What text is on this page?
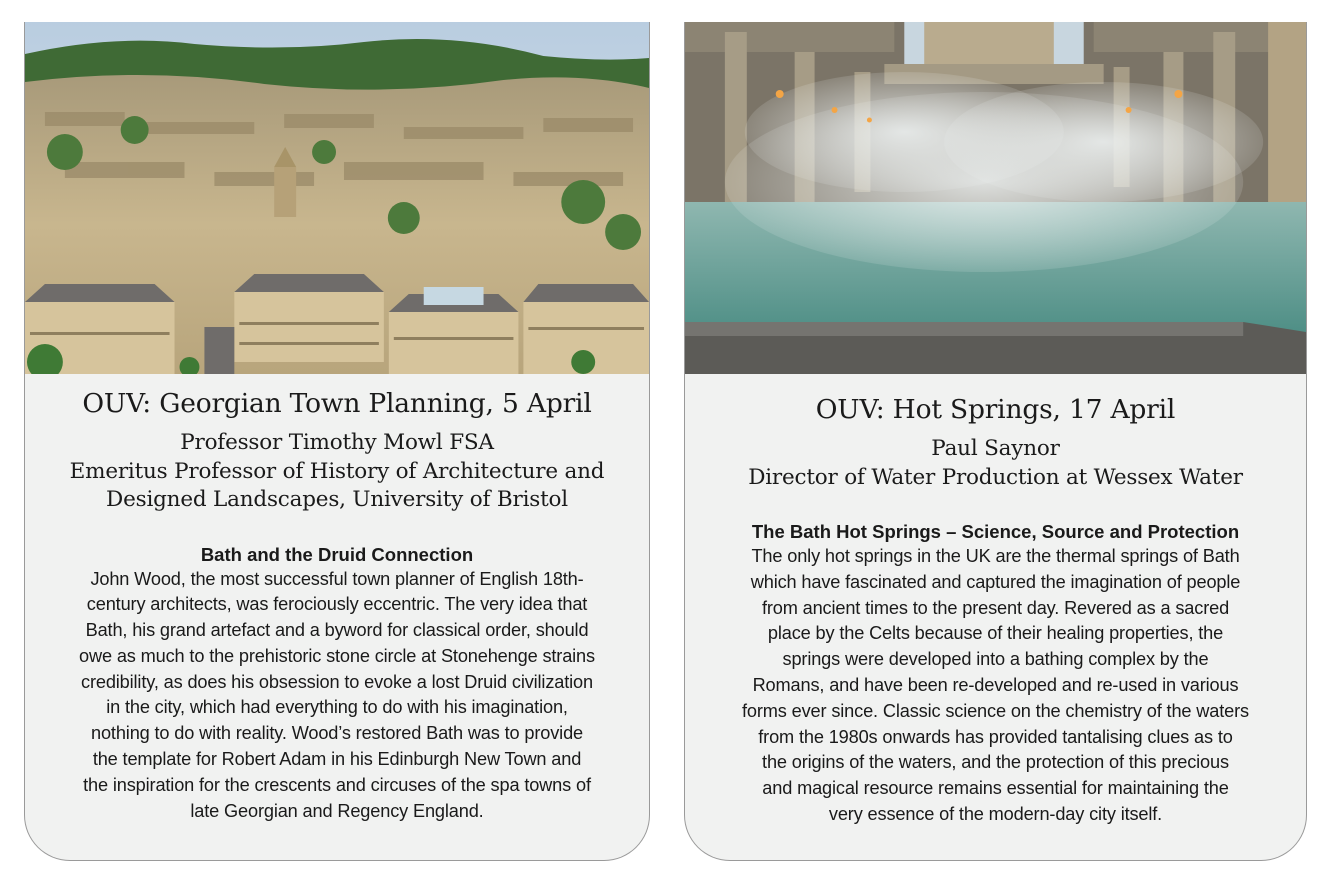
OUV: Georgian Town Planning, 5 April
Professor Timothy Mowl FSA
Emeritus Professor of History of Architecture and
Designed Landscapes, University of Bristol
Bath and the Druid Connection
John Wood, the most successful town planner of English 18th-
century architects, was ferociously eccentric. The very idea that
Bath, his grand artefact and a byword for classical order, should
owe as much to the prehistoric stone circle at Stonehenge strains
credibility, as does his obsession to evoke a lost Druid civilization
in the city, which had everything to do with his imagination,
nothing to do with reality. Wood’s restored Bath was to provide
the template for Robert Adam in his Edinburgh New Town and
the inspiration for the crescents and circuses of the spa towns of
late Georgian and Regency England.
OUV: Hot Springs, 17 April
Paul Saynor
Director of Water Production at Wessex Water
The Bath Hot Springs – Science, Source and Protection
The only hot springs in the UK are the thermal springs of Bath
which have fascinated and captured the imagination of people
from ancient times to the present day. Revered as a sacred
place by the Celts because of their healing properties, the
springs were developed into a bathing complex by the
Romans, and have been re-developed and re-used in various
forms ever since. Classic science on the chemistry of the waters
from the 1980s onwards has provided tantalising clues as to
the origins of the waters, and the protection of this precious
and magical resource remains essential for maintaining the
very essence of the modern-day city itself.
